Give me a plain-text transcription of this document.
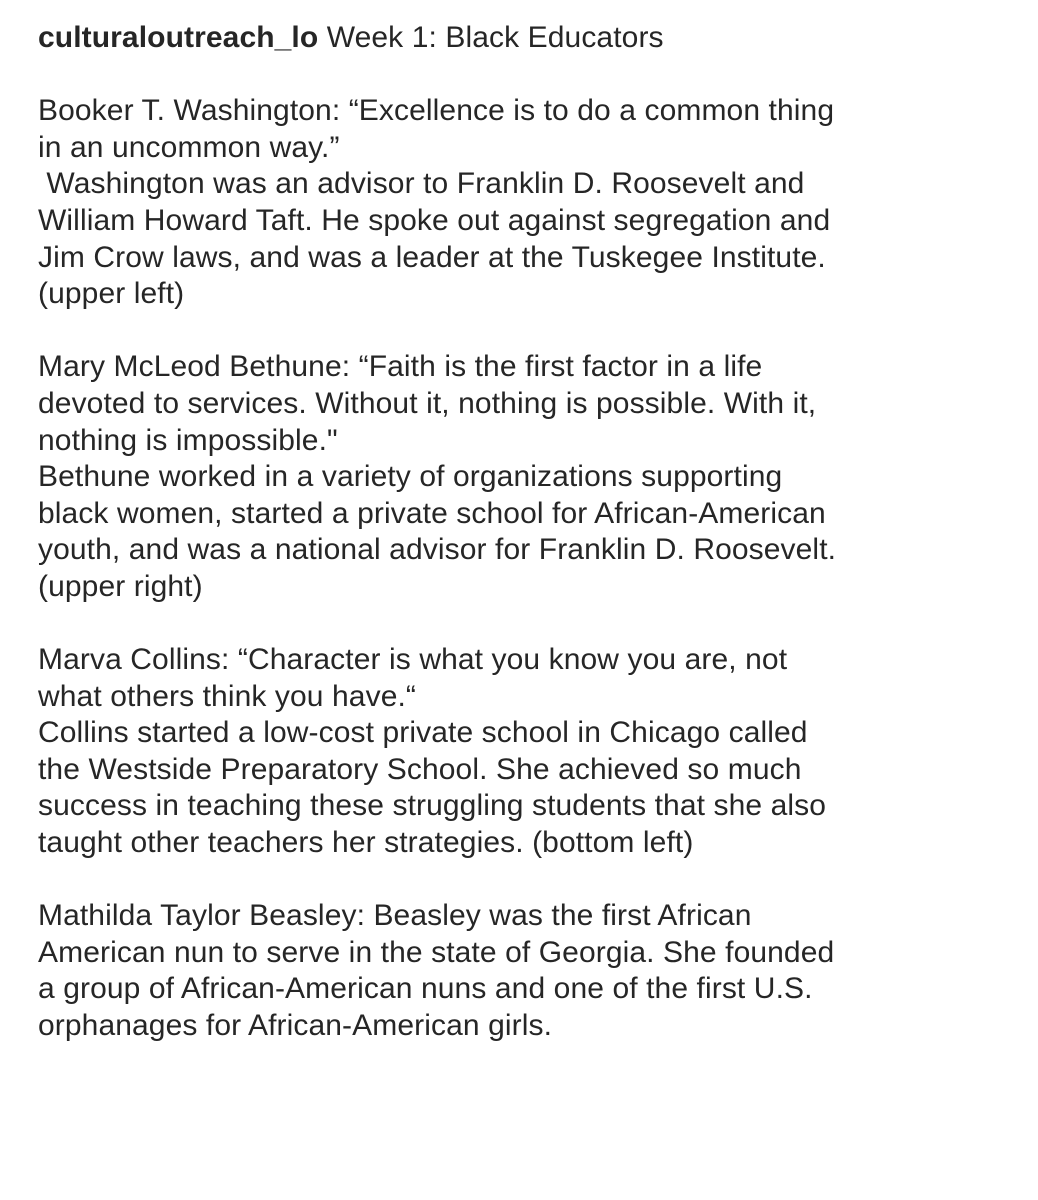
culturaloutreach_lo Week 1: Black Educators

Booker T. Washington: “Excellence is to do a common thing
in an uncommon way.”
Washington was an advisor to Franklin D. Roosevelt and
William Howard Taft. He spoke out against segregation and
Jim Crow laws, and was a leader at the Tuskegee Institute.
(upper left)

Mary McLeod Bethune: “Faith is the first factor in a life
devoted to services. Without it, nothing is possible. With it,
nothing is impossible."
Bethune worked in a variety of organizations supporting
black women, started a private school for African-American
youth, and was a national advisor for Franklin D. Roosevelt.
(upper right)

Marva Collins: “Character is what you know you are, not
what others think you have.“
Collins started a low-cost private school in Chicago called
the Westside Preparatory School. She achieved so much
success in teaching these struggling students that she also
taught other teachers her strategies. (bottom left)

Mathilda Taylor Beasley: Beasley was the first African
American nun to serve in the state of Georgia. She founded
a group of African-American nuns and one of the first U.S.
orphanages for African-American girls.
